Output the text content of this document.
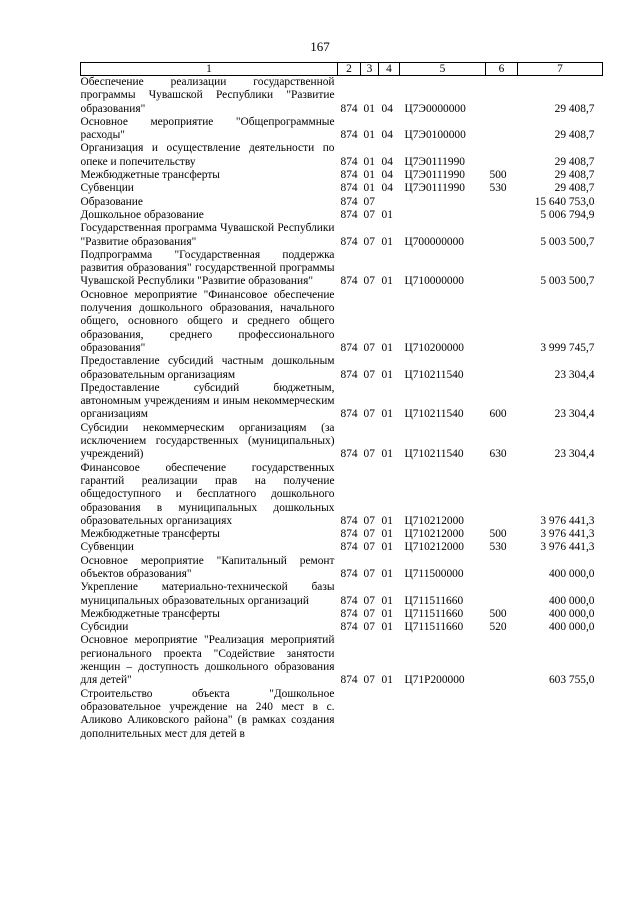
167
1	2	3	4	5	6	7
Обеспечение реализации государственной программы Чувашской Республики "Развитие образования"	874	01	04	Ц7Э0000000		29 408,7
Основное мероприятие "Общепрограммные расходы"	874	01	04	Ц7Э0100000		29 408,7
Организация и осуществление деятельности по опеке и попечительству	874	01	04	Ц7Э0111990		29 408,7
Межбюджетные трансферты	874	01	04	Ц7Э0111990	500	29 408,7
Субвенции	874	01	04	Ц7Э0111990	530	29 408,7
Образование	874	07				15 640 753,0
Дошкольное образование	874	07	01			5 006 794,9
Государственная программа Чувашской Республики "Развитие образования"	874	07	01	Ц700000000		5 003 500,7
Подпрограмма "Государственная поддержка развития образования" государственной программы Чувашской Республики "Развитие образования"	874	07	01	Ц710000000		5 003 500,7
Основное мероприятие "Финансовое обеспечение получения дошкольного образования, начального общего, основного общего и среднего общего образования, среднего профессионального образования"	874	07	01	Ц710200000		3 999 745,7
Предоставление субсидий частным дошкольным образовательным организациям	874	07	01	Ц710211540		23 304,4
Предоставление субсидий бюджетным, автономным учреждениям и иным некоммерческим организациям	874	07	01	Ц710211540	600	23 304,4
Субсидии некоммерческим организациям (за исключением государственных (муниципальных) учреждений)	874	07	01	Ц710211540	630	23 304,4
Финансовое обеспечение государственных гарантий реализации прав на получение общедоступного и бесплатного дошкольного образования в муниципальных дошкольных образовательных организациях	874	07	01	Ц710212000		3 976 441,3
Межбюджетные трансферты	874	07	01	Ц710212000	500	3 976 441,3
Субвенции	874	07	01	Ц710212000	530	3 976 441,3
Основное мероприятие "Капитальный ремонт объектов образования"	874	07	01	Ц711500000		400 000,0
Укрепление материально-технической базы муниципальных образовательных организаций	874	07	01	Ц711511660		400 000,0
Межбюджетные трансферты	874	07	01	Ц711511660	500	400 000,0
Субсидии	874	07	01	Ц711511660	520	400 000,0
Основное мероприятие "Реализация мероприятий регионального проекта "Содействие занятости женщин – доступность дошкольного образования для детей"	874	07	01	Ц71P200000		603 755,0
Строительство объекта "Дошкольное образовательное учреждение на 240 мест в с. Аликово Аликовского района" (в рамках создания дополнительных мест для детей в						
